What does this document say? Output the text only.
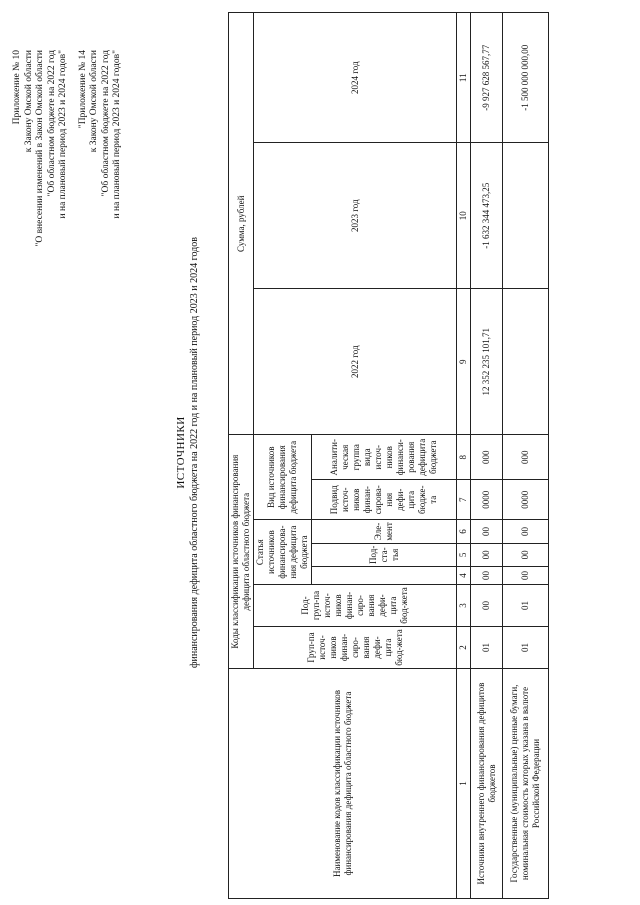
Приложение № 10 к Закону Омской области "О внесении изменений в Закон Омской области "Об областном бюджете на 2022 год и на плановый период 2023 и 2024 годов" "Приложение № 14 к Закону Омской области "Об областном бюджете на 2022 год и на плановый период 2023 и 2024 годов"
ИСТОЧНИКИ финансирования дефицита областного бюджета на 2022 год и на плановый период 2023 и 2024 годов
Наименование кодов классификации источников финансирования дефицита областного бюджета	Коды классификации источников финансирования дефицита областного бюджета							Сумма, рублей		
	Груп-па источ-ников финан-сиро-вания дефи-цита бюд-жета	Под-груп-па источ-ников финан-сиро-вания дефи-цита бюд-жета	Статья источников финансирова-ния дефицита бюджета			Вид источников финансирования дефицита бюджета		2022 год	2023 год	2024 год
				Под-ста-тья	Эле-мент	Подвид источ-ников финан-сирова-ния дефи-цита бюдже-та	Аналити-ческая группа вида источ-ников финанси-рования дефицита бюджета			

1	2	3	4	5	6	7	8	9	10	11
Источники внутреннего финансирования дефицитов бюджетов	01	00	00	00	00	0000	000	12 352 235 101,71	-1 632 344 473,25	-9 927 628 567,77
Государственные (муниципальные) ценные бумаги, номинальная стоимость которых указана в валюте Российской Федерации	01	01	00	00	00	0000	000			-1 500 000 000,00
